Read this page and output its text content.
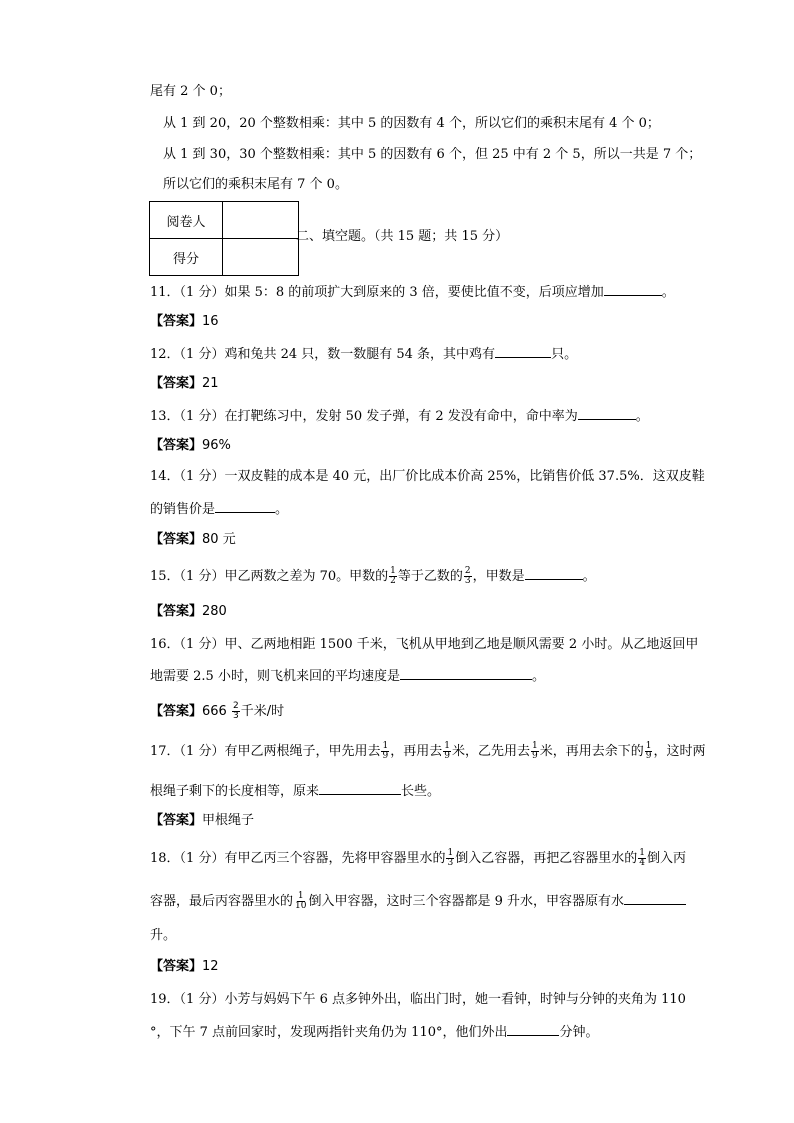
尾有 2 个 0；
从 1 到 20，20 个整数相乘：其中 5 的因数有 4 个，所以它们的乘积末尾有 4 个 0；
从 1 到 30，30 个整数相乘：其中 5 的因数有 6 个，但 25 中有 2 个 5，所以一共是 7 个；
所以它们的乘积末尾有 7 个 0。
阅卷人	
得分	
二、填空题。（共 15 题；共 15 分）
11．（1 分）如果 5：8 的前项扩大到原来的 3 倍，要使比值不变，后项应增加	。
【答案】16
12．（1 分）鸡和兔共 24 只，数一数腿有 54 条，其中鸡有	只。
【答案】21
13．（1 分）在打靶练习中，发射 50 发子弹，有 2 发没有命中，命中率为	。
【答案】96%
14．（1 分）一双皮鞋的成本是 40 元，出厂价比成本价高 25%，比销售价低 37.5%．这双皮鞋
的销售价是	。
【答案】80 元
15．（1 分）甲乙两数之差为 70。甲数的 $\frac{1}{2}$ 等于乙数的 $\frac{2}{3}$ ，甲数是	。
【答案】280
16．（1 分）甲、乙两地相距 1500 千米，飞机从甲地到乙地是顺风需要 2 小时。从乙地返回甲
地需要 2.5 小时，则飞机来回的平均速度是	。
【答案】$666 \frac{2}{3}$ 千米/时
17．（1 分）有甲乙两根绳子，甲先用去 $\frac{1}{9}$ ，再用去 $\frac{1}{9}$ 米，乙先用去 $\frac{1}{9}$ 米，再用去余下的 $\frac{1}{9}$ ，这时两
根绳子剩下的长度相等，原来	长些。
【答案】甲根绳子
18．（1 分）有甲乙丙三个容器，先将甲容器里水的 $\frac{1}{3}$ 倒入乙容器，再把乙容器里水的 $\frac{1}{4}$ 倒入丙
容器，最后丙容器里水的 $\frac{1}{10}$ 倒入甲容器，这时三个容器都是 9 升水，甲容器原有水
升。
【答案】12
19．（1 分）小芳与妈妈下午 6 点多钟外出，临出门时，她一看钟，时钟与分钟的夹角为 110
°，下午 7 点前回家时，发现两指针夹角仍为 110°，他们外出	分钟。
